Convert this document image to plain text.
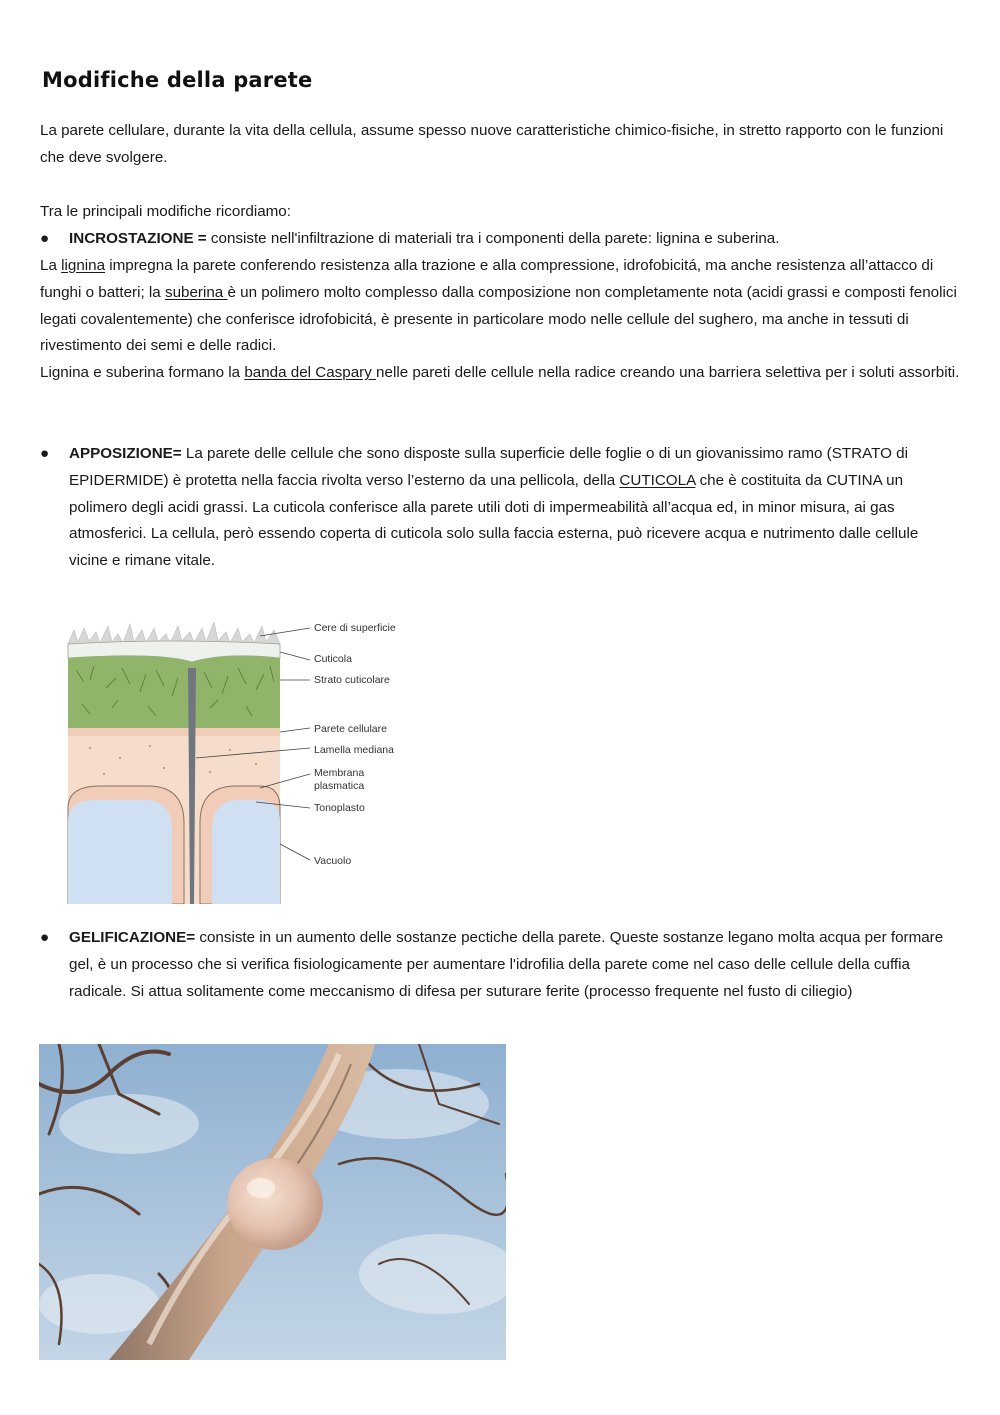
Modifiche della parete

La parete cellulare, durante la vita della cellula, assume spesso nuove caratteristiche chimico-fisiche, in stretto rapporto con le funzioni che deve svolgere.

Tra le principali modifiche ricordiamo:

●	INCROSTAZIONE = consiste nell'infiltrazione di materiali tra i componenti della parete: lignina e suberina.

La lignina impregna la parete conferendo resistenza alla trazione e alla compressione, idrofobicitá, ma anche resistenza all’attacco di funghi o batteri; la suberina è un polimero molto complesso dalla composizione non completamente nota (acidi grassi e composti fenolici legati covalentemente) che conferisce idrofobicitá, è presente in particolare modo nelle cellule del sughero, ma anche in tessuti di rivestimento dei semi e delle radici.
Lignina e suberina formano la banda del Caspary nelle pareti delle cellule nella radice creando una barriera selettiva per i soluti assorbiti.

●	APPOSIZIONE= La parete delle cellule che sono disposte sulla superficie delle foglie o di un giovanissimo ramo (STRATO di EPIDERMIDE) è protetta nella faccia rivolta verso l’esterno da una pellicola, della CUTICOLA che è costituita da CUTINA un polimero degli acidi grassi. La cuticola conferisce alla parete utili doti di impermeabilità all’acqua ed, in minor misura, ai gas atmosferici. La cellula, però essendo coperta di cuticola solo sulla faccia esterna, può ricevere acqua e nutrimento dalle cellule vicine e rimane vitale.
Cere di superficie
Cuticola
Strato cuticolare
Parete cellulare
Lamella mediana
Membrana
plasmatica
Tonoplasto
Vacuolo
●	GELIFICAZIONE= consiste in un aumento delle sostanze pectiche della parete. Queste sostanze legano molta acqua per formare gel, è un processo che si verifica fisiologicamente per aumentare l'idrofilia della parete come nel caso delle cellule della cuffia radicale. Si attua solitamente come meccanismo di difesa per suturare ferite (processo frequente nel fusto di ciliegio)
